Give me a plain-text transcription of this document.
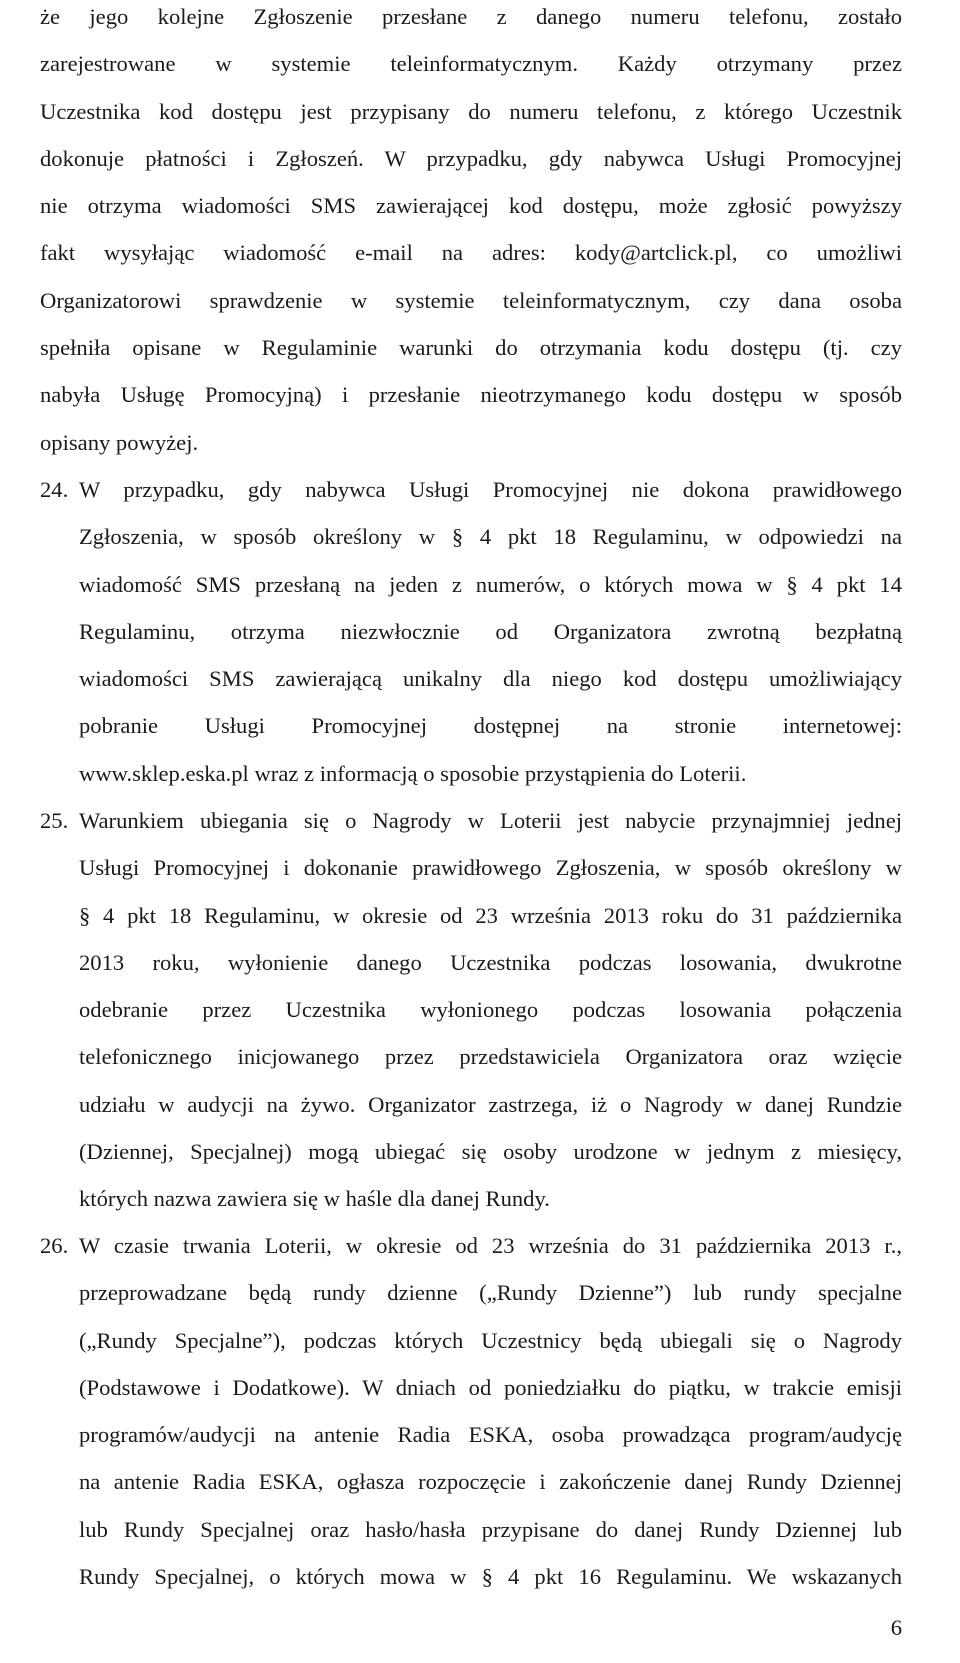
że jego kolejne Zgłoszenie przesłane z danego numeru telefonu, zostało
zarejestrowane w systemie teleinformatycznym. Każdy otrzymany przez
Uczestnika kod dostępu jest przypisany do numeru telefonu, z którego Uczestnik
dokonuje płatności i Zgłoszeń. W przypadku, gdy nabywca Usługi Promocyjnej
nie otrzyma wiadomości SMS zawierającej kod dostępu, może zgłosić powyższy
fakt wysyłając wiadomość e-mail na adres: kody@artclick.pl, co umożliwi
Organizatorowi sprawdzenie w systemie teleinformatycznym, czy dana osoba
spełniła opisane w Regulaminie warunki do otrzymania kodu dostępu (tj. czy
nabyła Usługę Promocyjną) i przesłanie nieotrzymanego kodu dostępu w sposób
opisany powyżej.
24. W przypadku, gdy nabywca Usługi Promocyjnej nie dokona prawidłowego
Zgłoszenia, w sposób określony w § 4 pkt 18 Regulaminu, w odpowiedzi na
wiadomość SMS przesłaną na jeden z numerów, o których mowa w § 4 pkt 14
Regulaminu, otrzyma niezwłocznie od Organizatora zwrotną bezpłatną
wiadomości SMS zawierającą unikalny dla niego kod dostępu umożliwiający
pobranie Usługi Promocyjnej dostępnej na stronie internetowej:
www.sklep.eska.pl wraz z informacją o sposobie przystąpienia do Loterii.
25. Warunkiem ubiegania się o Nagrody w Loterii jest nabycie przynajmniej jednej
Usługi Promocyjnej i dokonanie prawidłowego Zgłoszenia, w sposób określony w
§ 4 pkt 18 Regulaminu, w okresie od 23 września 2013 roku do 31 października
2013 roku, wyłonienie danego Uczestnika podczas losowania, dwukrotne
odebranie przez Uczestnika wyłonionego podczas losowania połączenia
telefonicznego inicjowanego przez przedstawiciela Organizatora oraz wzięcie
udziału w audycji na żywo. Organizator zastrzega, iż o Nagrody w danej Rundzie
(Dziennej, Specjalnej) mogą ubiegać się osoby urodzone w jednym z miesięcy,
których nazwa zawiera się w haśle dla danej Rundy.
26. W czasie trwania Loterii, w okresie od 23 września do 31 października 2013 r.,
przeprowadzane będą rundy dzienne („Rundy Dzienne”) lub rundy specjalne
(„Rundy Specjalne”), podczas których Uczestnicy będą ubiegali się o Nagrody
(Podstawowe i Dodatkowe). W dniach od poniedziałku do piątku, w trakcie emisji
programów/audycji na antenie Radia ESKA, osoba prowadząca program/audycję
na antenie Radia ESKA, ogłasza rozpoczęcie i zakończenie danej Rundy Dziennej
lub Rundy Specjalnej oraz hasło/hasła przypisane do danej Rundy Dziennej lub
Rundy Specjalnej, o których mowa w § 4 pkt 16 Regulaminu. We wskazanych
6
